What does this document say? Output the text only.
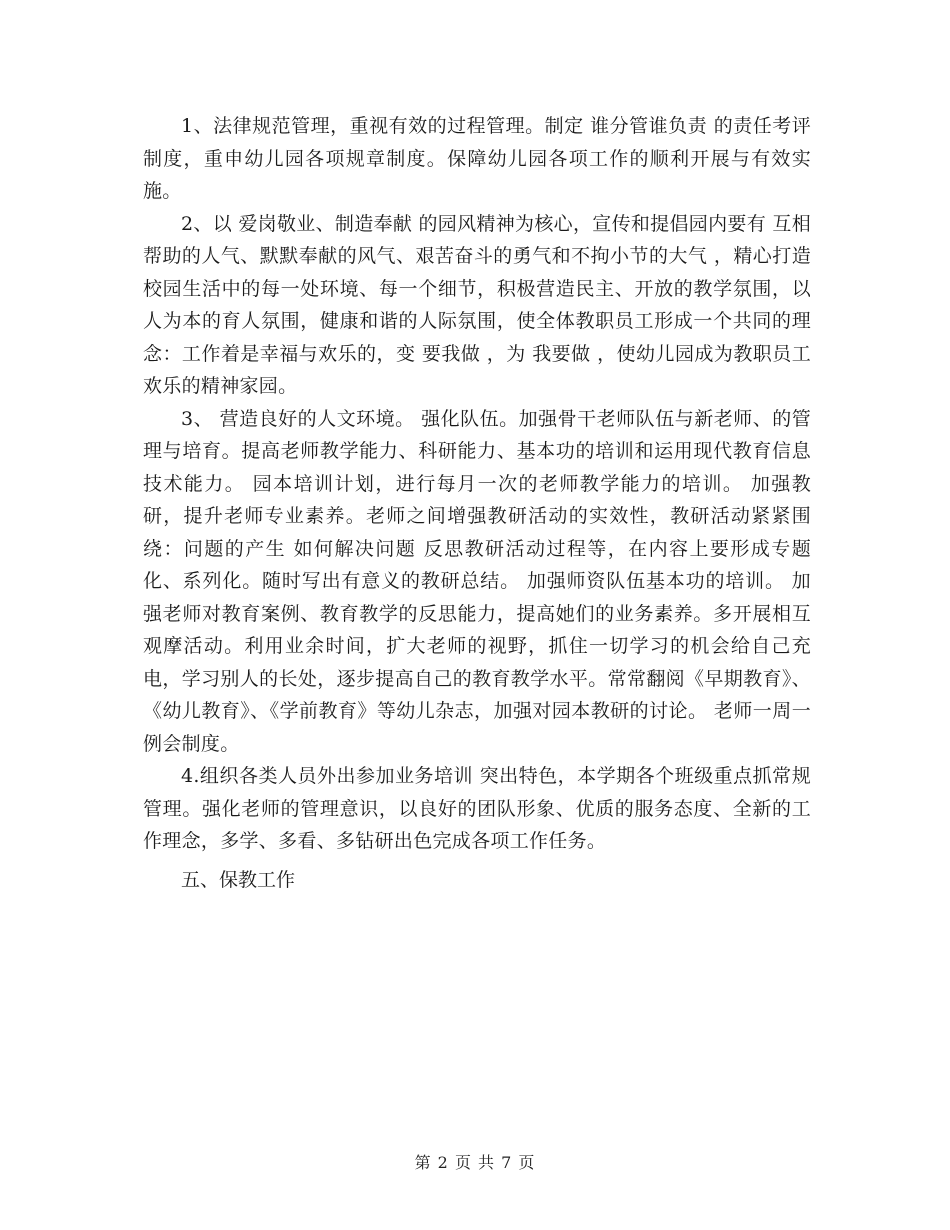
1、法律规范管理，重视有效的过程管理。制定 谁分管谁负责 的责任考评制度，重申幼儿园各项规章制度。保障幼儿园各项工作的顺利开展与有效实施。

2、以 爱岗敬业、制造奉献 的园风精神为核心，宣传和提倡园内要有 互相帮助的人气、默默奉献的风气、艰苦奋斗的勇气和不拘小节的大气 ，精心打造校园生活中的每一处环境、每一个细节，积极营造民主、开放的教学氛围，以人为本的育人氛围，健康和谐的人际氛围，使全体教职员工形成一个共同的理念：工作着是幸福与欢乐的，变 要我做 ，为 我要做 ，使幼儿园成为教职员工欢乐的精神家园。

3、 营造良好的人文环境。 强化队伍。加强骨干老师队伍与新老师、的管理与培育。提高老师教学能力、科研能力、基本功的培训和运用现代教育信息技术能力。 园本培训计划，进行每月一次的老师教学能力的培训。 加强教研，提升老师专业素养。老师之间增强教研活动的实效性，教研活动紧紧围绕：问题的产生 如何解决问题 反思教研活动过程等，在内容上要形成专题化、系列化。随时写出有意义的教研总结。 加强师资队伍基本功的培训。 加强老师对教育案例、教育教学的反思能力，提高她们的业务素养。多开展相互观摩活动。利用业余时间，扩大老师的视野，抓住一切学习的机会给自己充电，学习别人的长处，逐步提高自己的教育教学水平。常常翻阅《早期教育》、《幼儿教育》、《学前教育》等幼儿杂志，加强对园本教研的讨论。 老师一周一例会制度。

4.组织各类人员外出参加业务培训 突出特色，本学期各个班级重点抓常规管理。强化老师的管理意识，以良好的团队形象、优质的服务态度、全新的工作理念，多学、多看、多钻研出色完成各项工作任务。

五、保教工作

第 2 页 共 7 页
